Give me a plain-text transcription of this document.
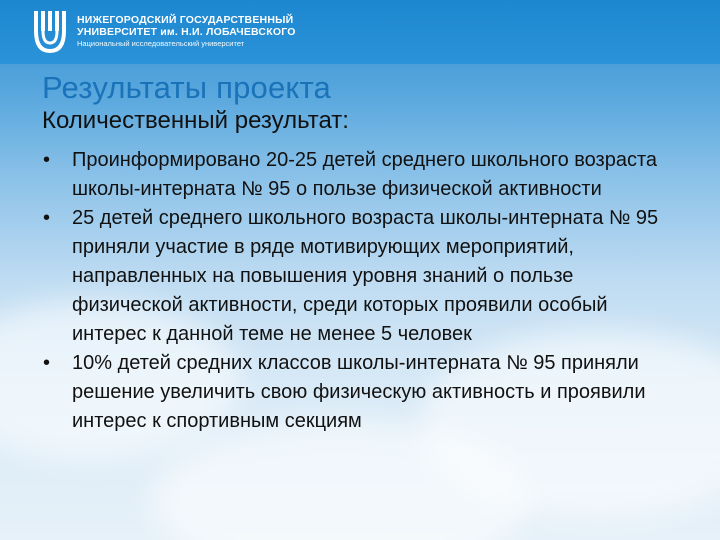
НИЖЕГОРОДСКИЙ ГОСУДАРСТВЕННЫЙ
УНИВЕРСИТЕТ им. Н.И. ЛОБАЧЕВСКОГО
Национальный исследовательский университет
Результаты проекта
Количественный результат:
• Проинформировано 20-25 детей среднего школьного возраста школы-интерната № 95 о пользе физической активности
• 25 детей среднего школьного возраста школы-интерната № 95 приняли участие в ряде мотивирующих мероприятий, направленных на повышения уровня знаний о пользе физической активности, среди которых проявили особый интерес к данной теме не менее 5 человек
• 10% детей средних классов школы-интерната № 95 приняли решение увеличить свою физическую активность и проявили интерес к спортивным секциям
